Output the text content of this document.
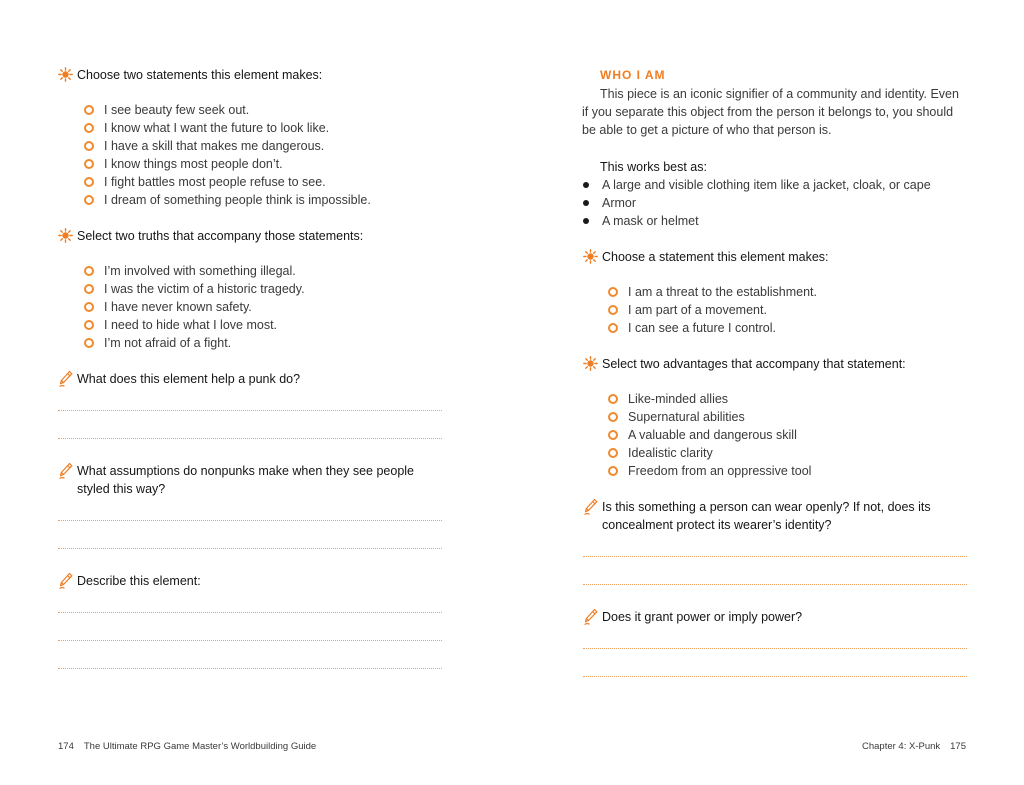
Choose two statements this element makes:
I see beauty few seek out.
I know what I want the future to look like.
I have a skill that makes me dangerous.
I know things most people don’t.
I fight battles most people refuse to see.
I dream of something people think is impossible.
Select two truths that accompany those statements:
I’m involved with something illegal.
I was the victim of a historic tragedy.
I have never known safety.
I need to hide what I love most.
I’m not afraid of a fight.
What does this element help a punk do?
What assumptions do nonpunks make when they see people
styled this way?
Describe this element:
174 The Ultimate RPG Game Master’s Worldbuilding Guide
WHO I AM
This piece is an iconic signifier of a community and identity. Even
if you separate this object from the person it belongs to, you should
be able to get a picture of who that person is.
This works best as:
A large and visible clothing item like a jacket, cloak, or cape
Armor
A mask or helmet
Choose a statement this element makes:
I am a threat to the establishment.
I am part of a movement.
I can see a future I control.
Select two advantages that accompany that statement:
Like-minded allies
Supernatural abilities
A valuable and dangerous skill
Idealistic clarity
Freedom from an oppressive tool
Is this something a person can wear openly? If not, does its
concealment protect its wearer’s identity?
Does it grant power or imply power?
Chapter 4: X-Punk 175
